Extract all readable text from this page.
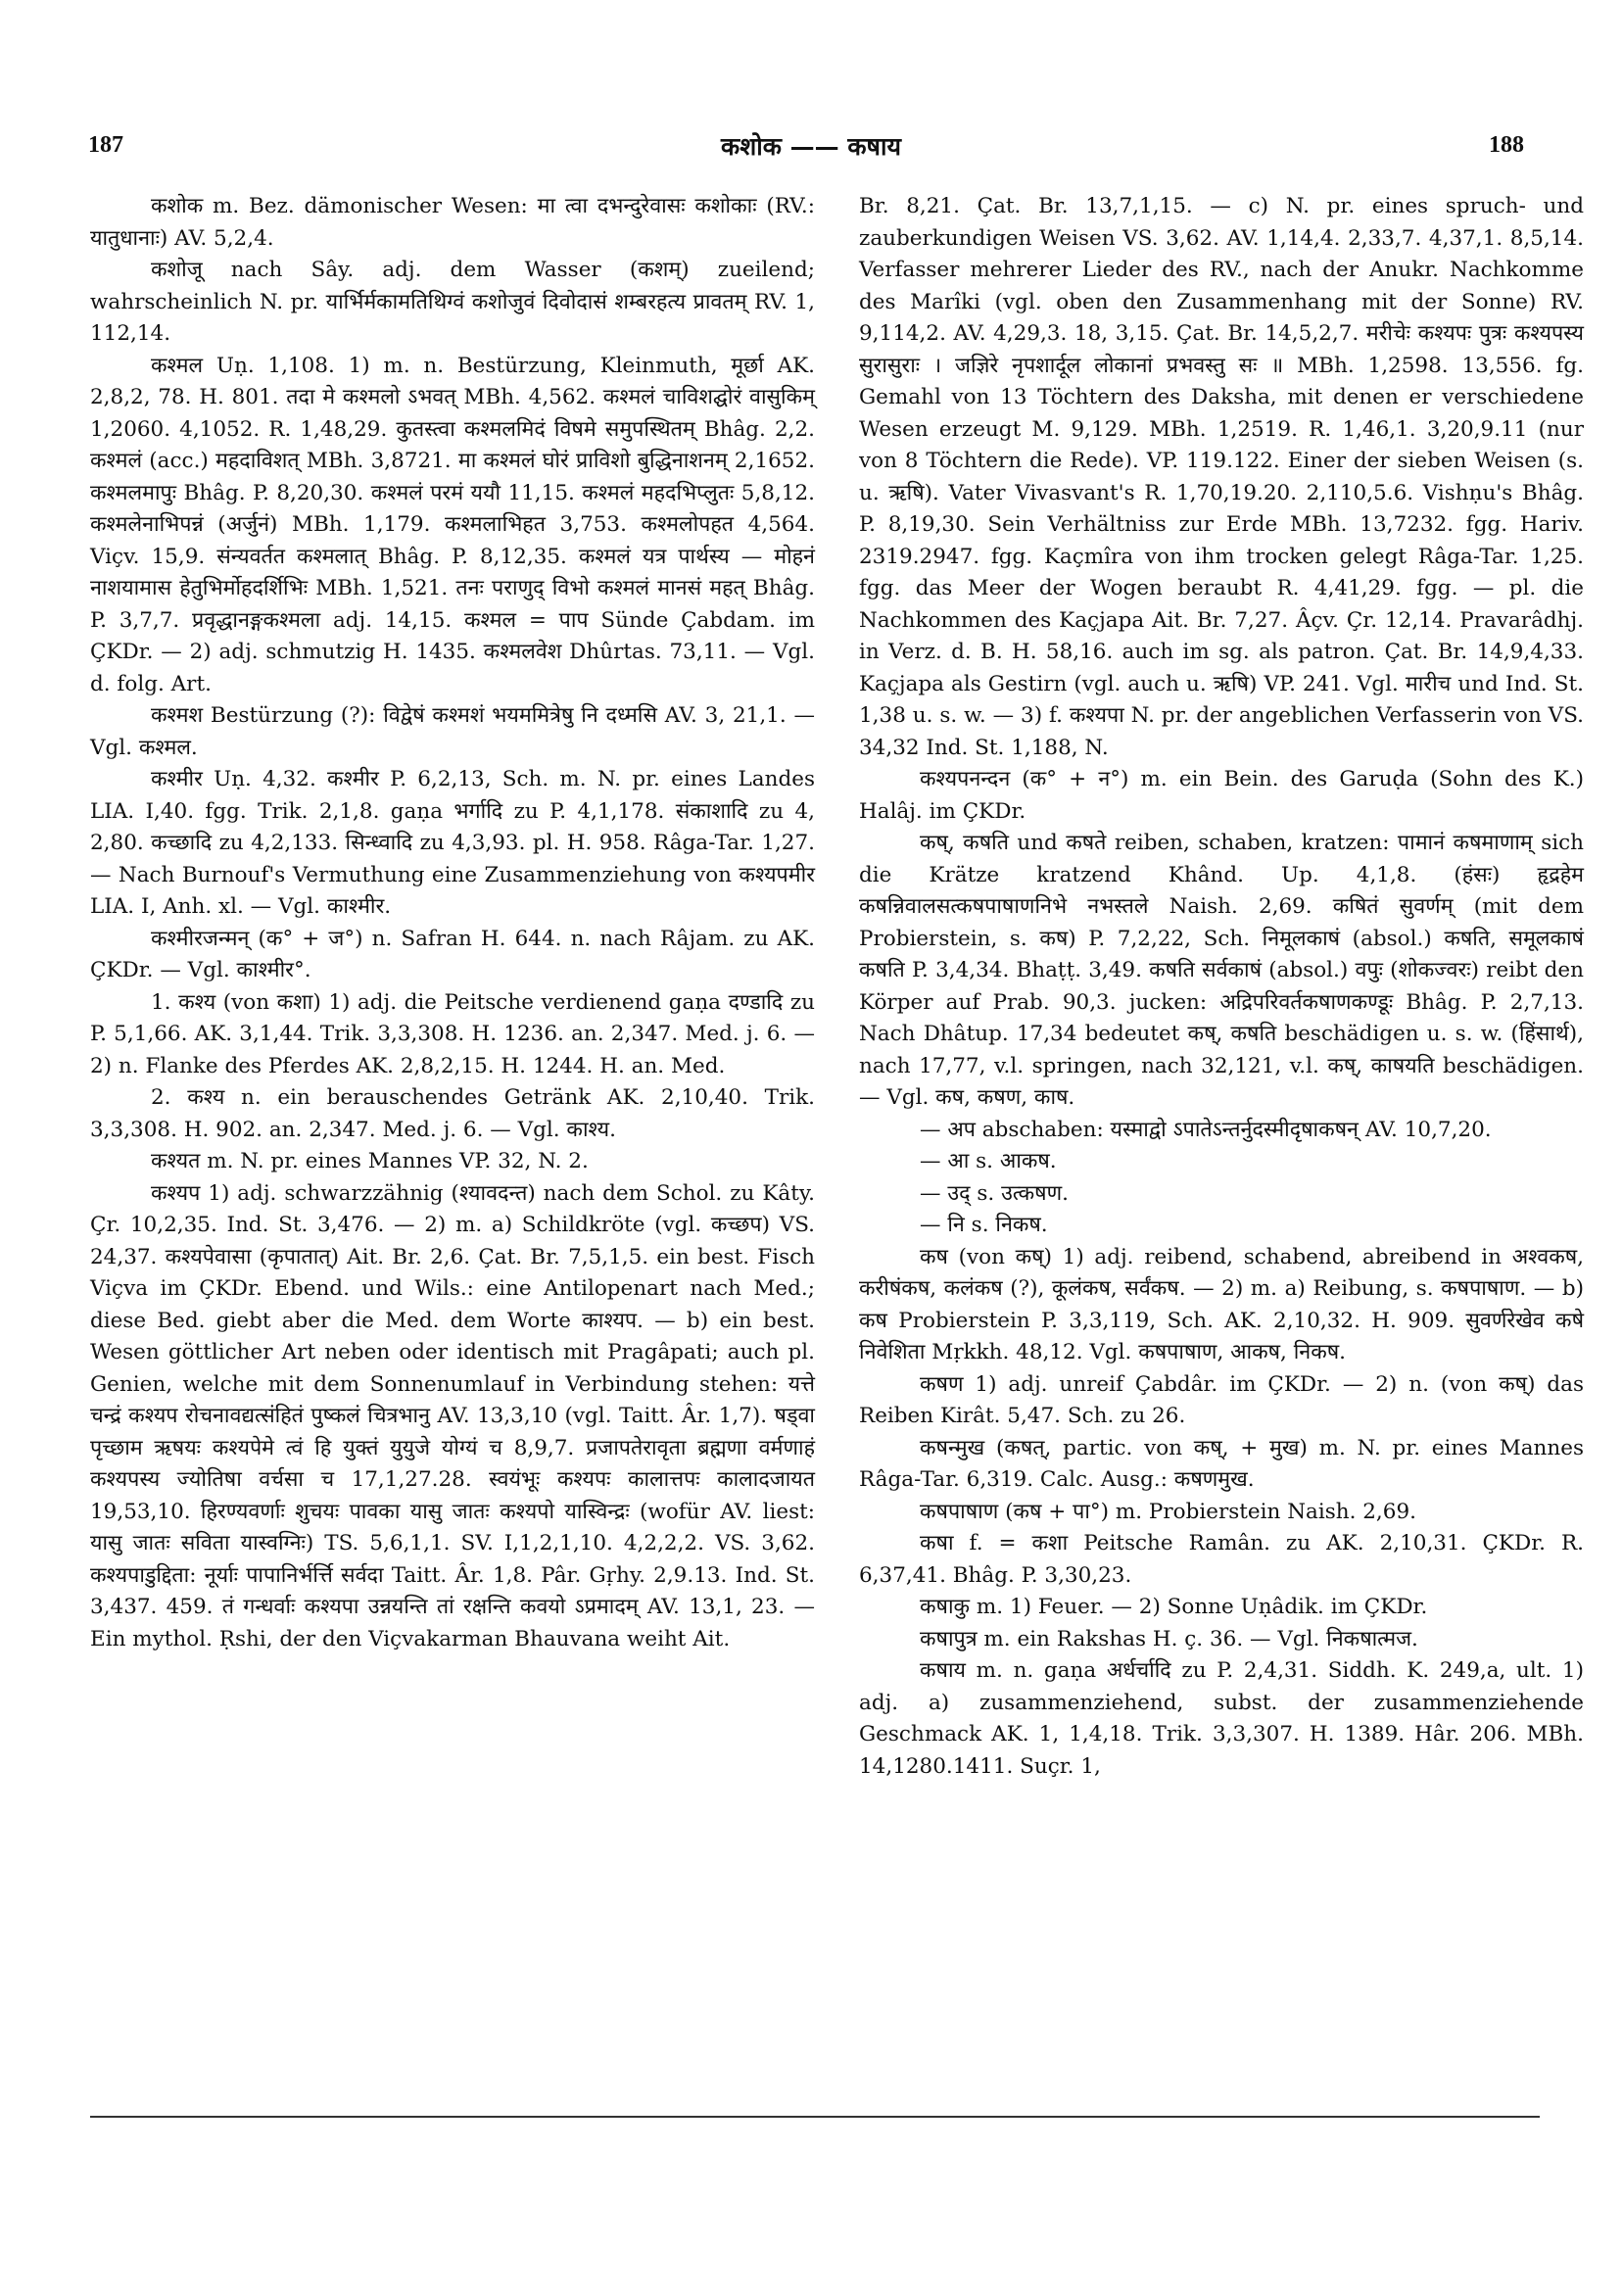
187	कशोक —— कषाय	188

कशोक m. Bez. dämonischer Wesen: मा त्वा दभन्दुरेवासः कशोकाः (RV.: यातुधानाः) AV. 5,2,4.

कशोजू nach Sây. adj. dem Wasser (कशम्) zueilend; wahrscheinlich N. pr. यार्भिर्मकामतिथिग्वं कशोजुवं दिवोदासं शम्बरहत्य प्रावतम् RV. 1, 112,14.

कश्मल Uṇ. 1,108. 1) m. n. Bestürzung, Kleinmuth, मूर्छा AK. 2,8,2, 78. H. 801. तदा मे कश्मलो ऽभवत् MBh. 4,562. कश्मलं चाविशद्घोरं वासुकिम् 1,2060. 4,1052. R. 1,48,29. कुतस्त्वा कश्मलमिदं विषमे समुपस्थितम् Bhâg. 2,2. कश्मलं (acc.) महदाविशत् MBh. 3,8721. मा कश्मलं घोरं प्राविशो बुद्धिनाशनम् 2,1652. कश्मलमापुः Bhâg. P. 8,20,30. कश्मलं परमं ययौ 11,15. कश्मलं महदभिप्लुतः 5,8,12. कश्मलेनाभिपन्नं (अर्जुनं) MBh. 1,179. कश्मलाभिहत 3,753. कश्मलोपहत 4,564. Viçv. 15,9. संन्यवर्तत कश्मलात् Bhâg. P. 8,12,35. कश्मलं यत्र पार्थस्य — मोहनं नाशयामास हेतुभिर्मोहदर्शिभिः MBh. 1,521. तनः पराणुद् विभो कश्मलं मानसं महत् Bhâg. P. 3,7,7. प्रवृद्धानङ्गकश्मला adj. 14,15. कश्मल = पाप Sünde Çabdam. im ÇKDr. — 2) adj. schmutzig H. 1435. कश्मलवेश Dhûrtas. 73,11. — Vgl. d. folg. Art.

कश्मश Bestürzung (?): विद्वेषं कश्मशं भयममित्रेषु नि दध्मसि AV. 3, 21,1. — Vgl. कश्मल.

कश्मीर Uṇ. 4,32. कश्मीर P. 6,2,13, Sch. m. N. pr. eines Landes LIA. I,40. fgg. Trik. 2,1,8. gaṇa भर्गादि zu P. 4,1,178. संकाशादि zu 4, 2,80. कच्छादि zu 4,2,133. सिन्ध्वादि zu 4,3,93. pl. H. 958. Râga-Tar. 1,27. — Nach Burnouf's Vermuthung eine Zusammenziehung von कश्यपमीर LIA. I, Anh. xl. — Vgl. काश्मीर.

कश्मीरजन्मन् (क° + ज°) n. Safran H. 644. n. nach Râjam. zu AK. ÇKDr. — Vgl. काश्मीर°.

1. कश्य (von कशा) 1) adj. die Peitsche verdienend gaṇa दण्डादि zu P. 5,1,66. AK. 3,1,44. Trik. 3,3,308. H. 1236. an. 2,347. Med. j. 6. — 2) n. Flanke des Pferdes AK. 2,8,2,15. H. 1244. H. an. Med.

2. कश्य n. ein berauschendes Getränk AK. 2,10,40. Trik. 3,3,308. H. 902. an. 2,347. Med. j. 6. — Vgl. काश्य.

कश्यत m. N. pr. eines Mannes VP. 32, N. 2.

कश्यप 1) adj. schwarzzähnig (श्यावदन्त) nach dem Schol. zu Kâty. Çr. 10,2,35. Ind. St. 3,476. — 2) m. a) Schildkröte (vgl. कच्छप) VS. 24,37. कश्यपेवासा (कृपातात्) Ait. Br. 2,6. Çat. Br. 7,5,1,5. ein best. Fisch Viçva im ÇKDr. Ebend. und Wils.: eine Antilopenart nach Med.; diese Bed. giebt aber die Med. dem Worte काश्यप. — b) ein best. Wesen göttlicher Art neben oder identisch mit Pragâpati; auch pl. Genien, welche mit dem Sonnenumlauf in Verbindung stehen: यत्ते चन्द्रं कश्यप रोचनावद्यत्संहितं पुष्कलं चित्रभानु AV. 13,3,10 (vgl. Taitt. Âr. 1,7). षड्वा पृच्छाम ऋषयः कश्यपेमे त्वं हि युक्तं युयुजे योग्यं च 8,9,7. प्रजापतेरावृता ब्रह्मणा वर्मणाहं कश्यपस्य ज्योतिषा वर्चसा च 17,1,27.28. स्वयंभूः कश्यपः कालात्तपः कालादजायत 19,53,10. हिरण्यवर्णाः शुचयः पावका यासु जातः कश्यपो यास्विन्द्रः (wofür AV. liest: यासु जातः सविता यास्वग्निः) TS. 5,6,1,1. SV. I,1,2,1,10. 4,2,2,2. VS. 3,62. कश्यपाडुद्दिता: नूर्याः पापानिर्भर्त्ति सर्वदा Taitt. Âr. 1,8. Pâr. Gṛhy. 2,9.13. Ind. St. 3,437. 459. तं गन्धर्वाः कश्यपा उन्नयन्ति तां रक्षन्ति कवयो ऽप्रमादम् AV. 13,1, 23. — Ein mythol. Ṛshi, der den Viçvakarman Bhauvana weiht Ait.

Br. 8,21. Çat. Br. 13,7,1,15. — c) N. pr. eines spruch- und zauberkundigen Weisen VS. 3,62. AV. 1,14,4. 2,33,7. 4,37,1. 8,5,14. Verfasser mehrerer Lieder des RV., nach der Anukr. Nachkomme des Marîki (vgl. oben den Zusammenhang mit der Sonne) RV. 9,114,2. AV. 4,29,3. 18, 3,15. Çat. Br. 14,5,2,7. मरीचेः कश्यपः पुत्रः कश्यपस्य सुरासुराः । जज्ञिरे नृपशार्दूल लोकानां प्रभवस्तु सः ॥ MBh. 1,2598. 13,556. fg. Gemahl von 13 Töchtern des Daksha, mit denen er verschiedene Wesen erzeugt M. 9,129. MBh. 1,2519. R. 1,46,1. 3,20,9.11 (nur von 8 Töchtern die Rede). VP. 119.122. Einer der sieben Weisen (s. u. ऋषि). Vater Vivasvant's R. 1,70,19.20. 2,110,5.6. Vishṇu's Bhâg. P. 8,19,30. Sein Verhältniss zur Erde MBh. 13,7232. fgg. Hariv. 2319.2947. fgg. Kaçmîra von ihm trocken gelegt Râga-Tar. 1,25. fgg. das Meer der Wogen beraubt R. 4,41,29. fgg. — pl. die Nachkommen des Kaçjapa Ait. Br. 7,27. Âçv. Çr. 12,14. Pravarâdhj. in Verz. d. B. H. 58,16. auch im sg. als patron. Çat. Br. 14,9,4,33. Kaçjapa als Gestirn (vgl. auch u. ऋषि) VP. 241. Vgl. मारीच und Ind. St. 1,38 u. s. w. — 3) f. कश्यपा N. pr. der angeblichen Verfasserin von VS. 34,32 Ind. St. 1,188, N.

कश्यपनन्दन (क° + न°) m. ein Bein. des Garuḍa (Sohn des K.) Halâj. im ÇKDr.

कष्, कषति und कषते reiben, schaben, kratzen: पामानं कषमाणाम् sich die Krätze kratzend Khând. Up. 4,1,8. (हंसः) हृद्रहेम कषन्निवालसत्कषपाषाणनिभे नभस्तले Naish. 2,69. कषितं सुवर्णम् (mit dem Probierstein, s. कष) P. 7,2,22, Sch. निमूलकाषं (absol.) कषति, समूलकाषं कषति P. 3,4,34. Bhaṭṭ. 3,49. कषति सर्वकाषं (absol.) वपुः (शोकज्वरः) reibt den Körper auf Prab. 90,3. jucken: अद्रिपरिवर्तकषाणकण्डूः Bhâg. P. 2,7,13. Nach Dhâtup. 17,34 bedeutet कष्, कषति beschädigen u. s. w. (हिंसार्थ), nach 17,77, v.l. springen, nach 32,121, v.l. कष्, काषयति beschädigen. — Vgl. कष, कषण, काष.

— अप abschaben: यस्माद्वो ऽपातेऽन्तर्नुदस्मीदृषाकषन् AV. 10,7,20.

— आ s. आकष.

— उद् s. उत्कषण.

— नि s. निकष.

कष (von कष्) 1) adj. reibend, schabend, abreibend in अश्वकष, करीषंकष, कलंकष (?), कूलंकष, सर्वंकष. — 2) m. a) Reibung, s. कषपाषाण. — b) कष Probierstein P. 3,3,119, Sch. AK. 2,10,32. H. 909. सुवर्णरेखेव कषे निवेशिता Mṛkkh. 48,12. Vgl. कषपाषाण, आकष, निकष.

कषण 1) adj. unreif Çabdâr. im ÇKDr. — 2) n. (von कष्) das Reiben Kirât. 5,47. Sch. zu 26.

कषन्मुख (कषत्, partic. von कष्, + मुख) m. N. pr. eines Mannes Râga-Tar. 6,319. Calc. Ausg.: कषणमुख.

कषपाषाण (कष + पा°) m. Probierstein Naish. 2,69.

कषा f. = कशा Peitsche Ramân. zu AK. 2,10,31. ÇKDr. R. 6,37,41. Bhâg. P. 3,30,23.

कषाकु m. 1) Feuer. — 2) Sonne Uṇâdik. im ÇKDr.

कषापुत्र m. ein Rakshas H. ç. 36. — Vgl. निकषात्मज.

कषाय m. n. gaṇa अर्धर्चादि zu P. 2,4,31. Siddh. K. 249,a, ult. 1) adj. a) zusammenziehend, subst. der zusammenziehende Geschmack AK. 1, 1,4,18. Trik. 3,3,307. H. 1389. Hâr. 206. MBh. 14,1280.1411. Suçr. 1,
